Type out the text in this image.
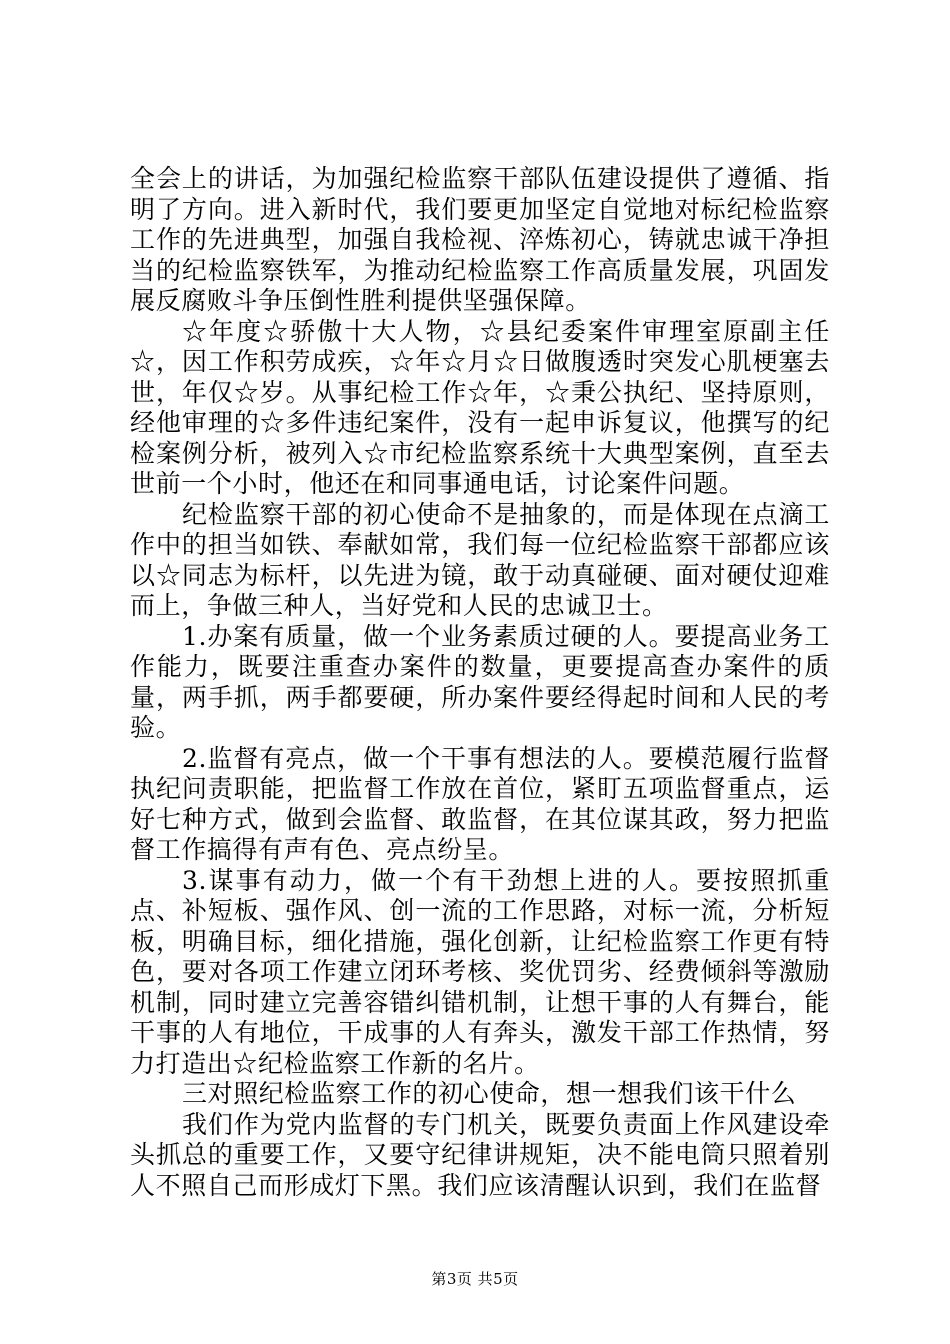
全会上的讲话，为加强纪检监察干部队伍建设提供了遵循、指明了方向。进入新时代，我们要更加坚定自觉地对标纪检监察工作的先进典型，加强自我检视、淬炼初心，铸就忠诚干净担当的纪检监察铁军，为推动纪检监察工作高质量发展，巩固发展反腐败斗争压倒性胜利提供坚强保障。

☆年度☆骄傲十大人物，☆县纪委案件审理室原副主任☆，因工作积劳成疾，☆年☆月☆日做腹透时突发心肌梗塞去世，年仅☆岁。从事纪检工作☆年，☆秉公执纪、坚持原则，经他审理的☆多件违纪案件，没有一起申诉复议，他撰写的纪检案例分析，被列入☆市纪检监察系统十大典型案例，直至去世前一个小时，他还在和同事通电话，讨论案件问题。

纪检监察干部的初心使命不是抽象的，而是体现在点滴工作中的担当如铁、奉献如常，我们每一位纪检监察干部都应该以☆同志为标杆，以先进为镜，敢于动真碰硬、面对硬仗迎难而上，争做三种人，当好党和人民的忠诚卫士。

1.办案有质量，做一个业务素质过硬的人。要提高业务工作能力，既要注重查办案件的数量，更要提高查办案件的质量，两手抓，两手都要硬，所办案件要经得起时间和人民的考验。

2.监督有亮点，做一个干事有想法的人。要模范履行监督执纪问责职能，把监督工作放在首位，紧盯五项监督重点，运好七种方式，做到会监督、敢监督，在其位谋其政，努力把监督工作搞得有声有色、亮点纷呈。

3.谋事有动力，做一个有干劲想上进的人。要按照抓重点、补短板、强作风、创一流的工作思路，对标一流，分析短板，明确目标，细化措施，强化创新，让纪检监察工作更有特色，要对各项工作建立闭环考核、奖优罚劣、经费倾斜等激励机制，同时建立完善容错纠错机制，让想干事的人有舞台，能干事的人有地位，干成事的人有奔头，激发干部工作热情，努力打造出☆纪检监察工作新的名片。

三对照纪检监察工作的初心使命，想一想我们该干什么

我们作为党内监督的专门机关，既要负责面上作风建设牵头抓总的重要工作，又要守纪律讲规矩，决不能电筒只照着别人不照自己而形成灯下黑。我们应该清醒认识到，我们在监督

第3页 共5页
